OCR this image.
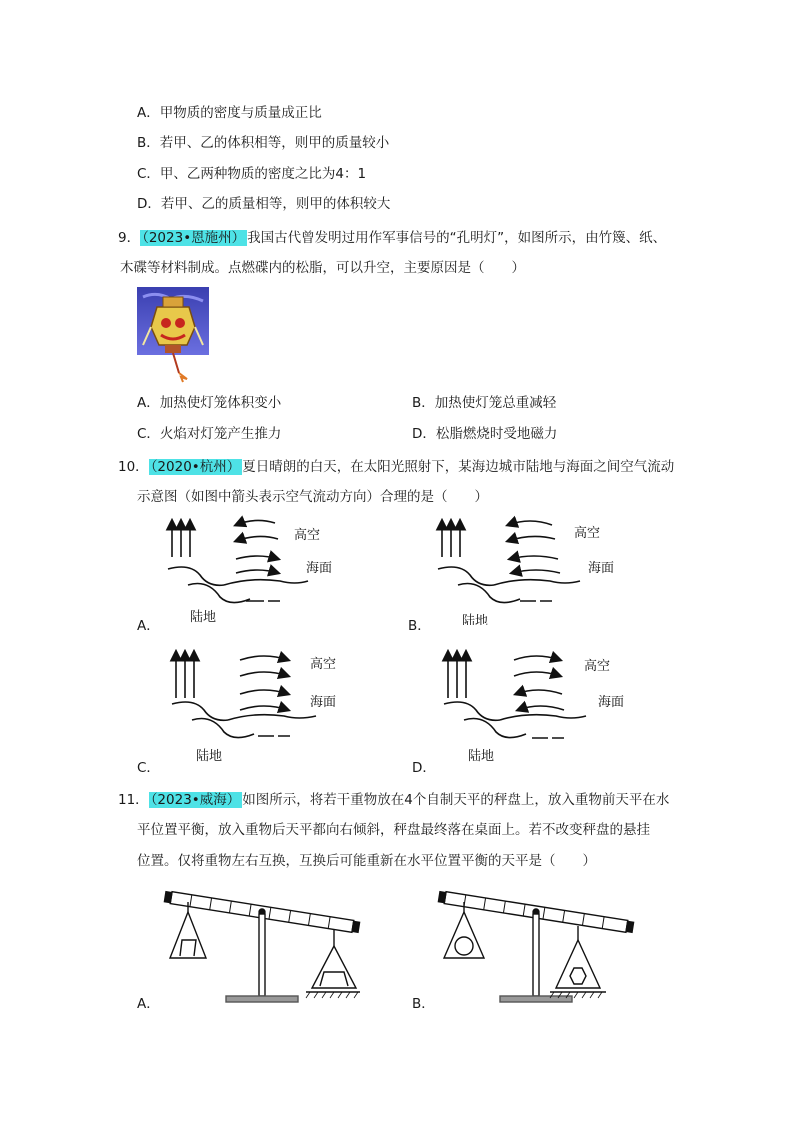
A．甲物质的密度与质量成正比
B．若甲、乙的体积相等，则甲的质量较小
C．甲、乙两种物质的密度之比为4：1
D．若甲、乙的质量相等，则甲的体积较大
9． （2023•恩施州） 我国古代曾发明过用作军事信号的“孔明灯”，如图所示，由竹篾、纸、
木碟等材料制成。点燃碟内的松脂，可以升空，主要原因是（　　）
A．加热使灯笼体积变小	B．加热使灯笼总重减轻
C．火焰对灯笼产生推力	D．松脂燃烧时受地磁力
10． （2020•杭州） 夏日晴朗的白天，在太阳光照射下，某海边城市陆地与海面之间空气流动
示意图（如图中箭头表示空气流动方向）合理的是（　　）
高空
海面
陆地
A．
高空
海面
陆地
B．
高空
海面
陆地
C．
高空
海面
陆地
D．
11． （2023•威海） 如图所示，将若干重物放在4个自制天平的秤盘上，放入重物前天平在水
平位置平衡，放入重物后天平都向右倾斜，秤盘最终落在桌面上。若不改变秤盘的悬挂
位置。仅将重物左右互换，互换后可能重新在水平位置平衡的天平是（　　）
A．	B．
